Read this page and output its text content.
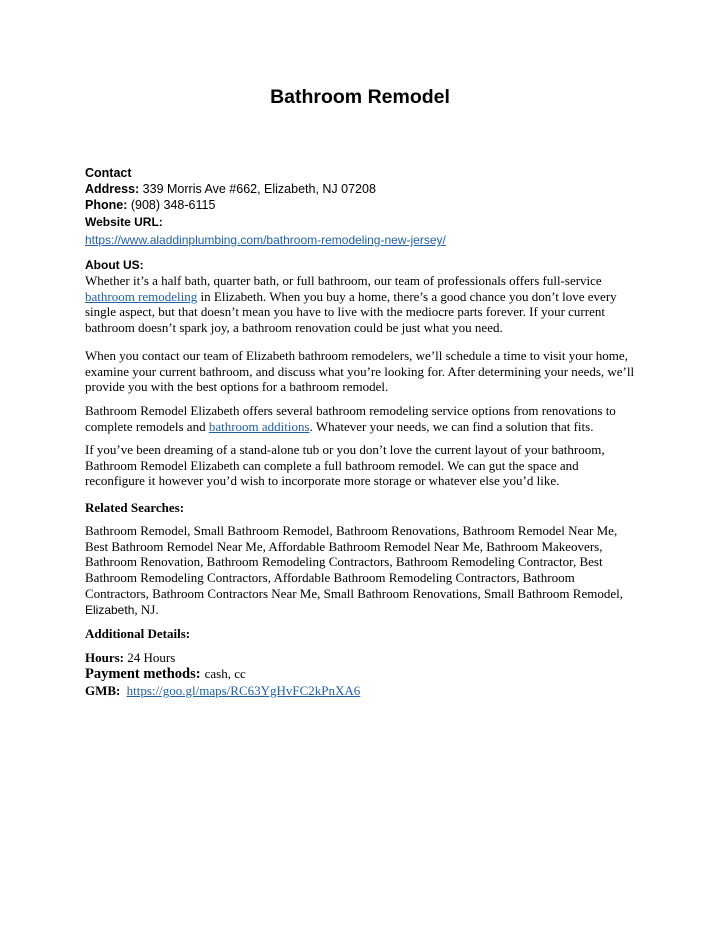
Bathroom Remodel
Contact
Address: 339 Morris Ave #662, Elizabeth, NJ 07208
Phone: (908) 348-6115
Website URL:
https://www.aladdinplumbing.com/bathroom-remodeling-new-jersey/
About US:

Whether it’s a half bath, quarter bath, or full bathroom, our team of professionals offers full-service bathroom remodeling in Elizabeth. When you buy a home, there’s a good chance you don’t love every single aspect, but that doesn’t mean you have to live with the mediocre parts forever. If your current bathroom doesn’t spark joy, a bathroom renovation could be just what you need.

When you contact our team of Elizabeth bathroom remodelers, we’ll schedule a time to visit your home, examine your current bathroom, and discuss what you’re looking for. After determining your needs, we’ll provide you with the best options for a bathroom remodel.

Bathroom Remodel Elizabeth offers several bathroom remodeling service options from renovations to complete remodels and bathroom additions. Whatever your needs, we can find a solution that fits.

If you’ve been dreaming of a stand-alone tub or you don’t love the current layout of your bathroom, Bathroom Remodel Elizabeth can complete a full bathroom remodel. We can gut the space and reconfigure it however you’d wish to incorporate more storage or whatever else you’d like.

Related Searches:

Bathroom Remodel, Small Bathroom Remodel, Bathroom Renovations, Bathroom Remodel Near Me, Best Bathroom Remodel Near Me, Affordable Bathroom Remodel Near Me, Bathroom Makeovers, Bathroom Renovation, Bathroom Remodeling Contractors, Bathroom Remodeling Contractor, Best Bathroom Remodeling Contractors, Affordable Bathroom Remodeling Contractors, Bathroom Contractors, Bathroom Contractors Near Me, Small Bathroom Renovations, Small Bathroom Remodel,
Elizabeth, NJ.

Additional Details:
Hours: 24 Hours
Payment methods: cash, cc
GMB: https://goo.gl/maps/RC63YgHvFC2kPnXA6
